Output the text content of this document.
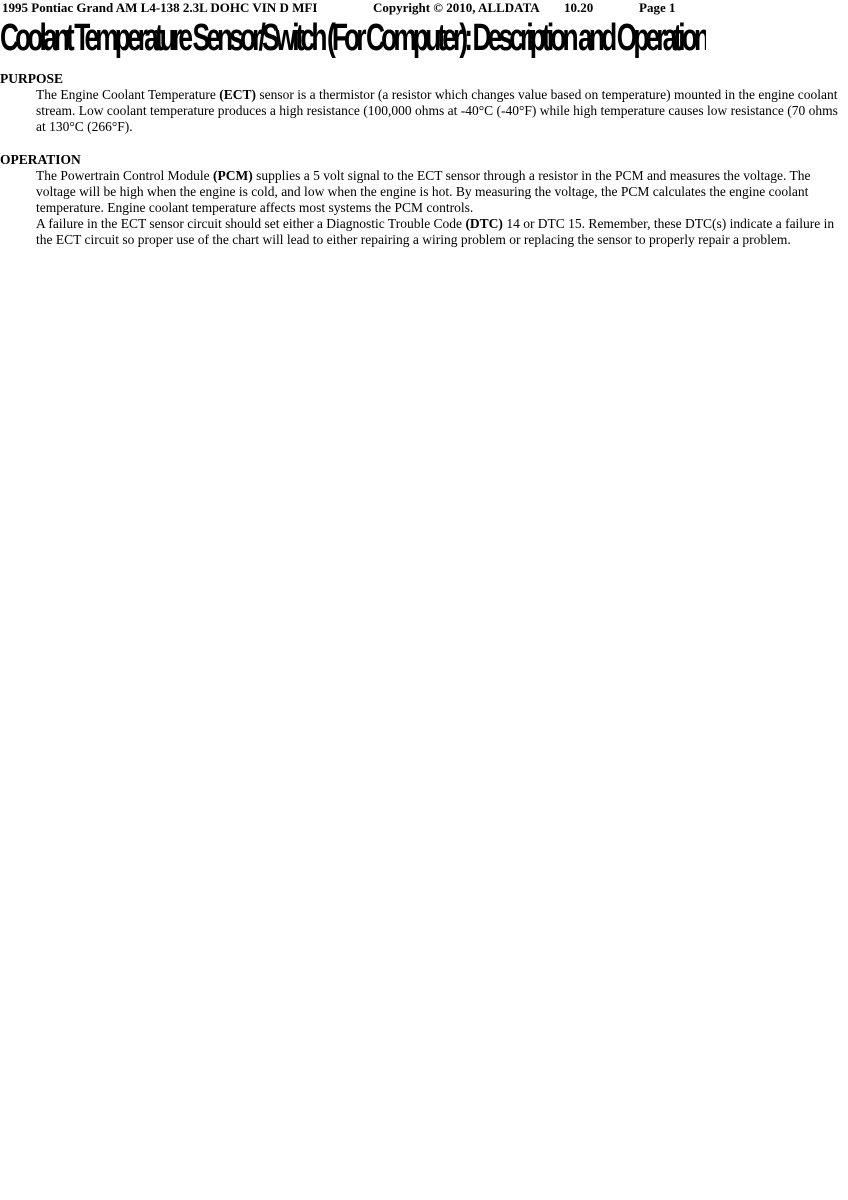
1995 Pontiac Grand AM L4-138 2.3L DOHC VIN D MFI	Copyright © 2010, ALLDATA 10.20	Page 1
Coolant Temperature Sensor/Switch (For Computer): Description and Operation
PURPOSE
The Engine Coolant Temperature (ECT) sensor is a thermistor (a resistor which changes value based on temperature) mounted in the engine coolant stream. Low coolant temperature produces a high resistance (100,000 ohms at -40°C (-40°F) while high temperature causes low resistance (70 ohms at 130°C (266°F).
OPERATION
The Powertrain Control Module (PCM) supplies a 5 volt signal to the ECT sensor through a resistor in the PCM and measures the voltage. The voltage will be high when the engine is cold, and low when the engine is hot. By measuring the voltage, the PCM calculates the engine coolant temperature. Engine coolant temperature affects most systems the PCM controls.
A failure in the ECT sensor circuit should set either a Diagnostic Trouble Code (DTC) 14 or DTC 15. Remember, these DTC(s) indicate a failure in the ECT circuit so proper use of the chart will lead to either repairing a wiring problem or replacing the sensor to properly repair a problem.
